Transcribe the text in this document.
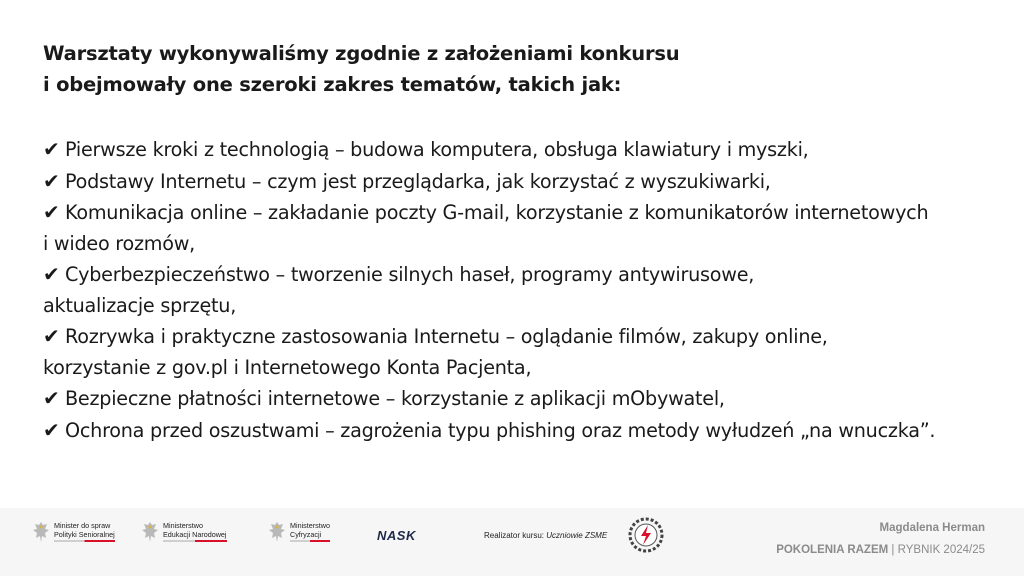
Warsztaty wykonywaliśmy zgodnie z założeniami konkursu
i obejmowały one szeroki zakres tematów, takich jak:
✔ Pierwsze kroki z technologią – budowa komputera, obsługa klawiatury i myszki,
✔ Podstawy Internetu – czym jest przeglądarka, jak korzystać z wyszukiwarki,
✔ Komunikacja online – zakładanie poczty G-mail, korzystanie z komunikatorów internetowych
i wideo rozmów,
✔ Cyberbezpieczeństwo – tworzenie silnych haseł, programy antywirusowe,
aktualizacje sprzętu,
✔ Rozrywka i praktyczne zastosowania Internetu – oglądanie filmów, zakupy online,
korzystanie z gov.pl i Internetowego Konta Pacjenta,
✔ Bezpieczne płatności internetowe – korzystanie z aplikacji mObywatel,
✔ Ochrona przed oszustwami – zagrożenia typu phishing oraz metody wyłudzeń „na wnuczka”.
Minister do spraw
Polityki Senioralnej
Ministerstwo
Edukacji Narodowej
Ministerstwo
Cyfryzacji	NASK	Realizator kursu: Uczniowie ZSME
Magdalena Herman
POKOLENIA RAZEM | RYBNIK 2024/25
